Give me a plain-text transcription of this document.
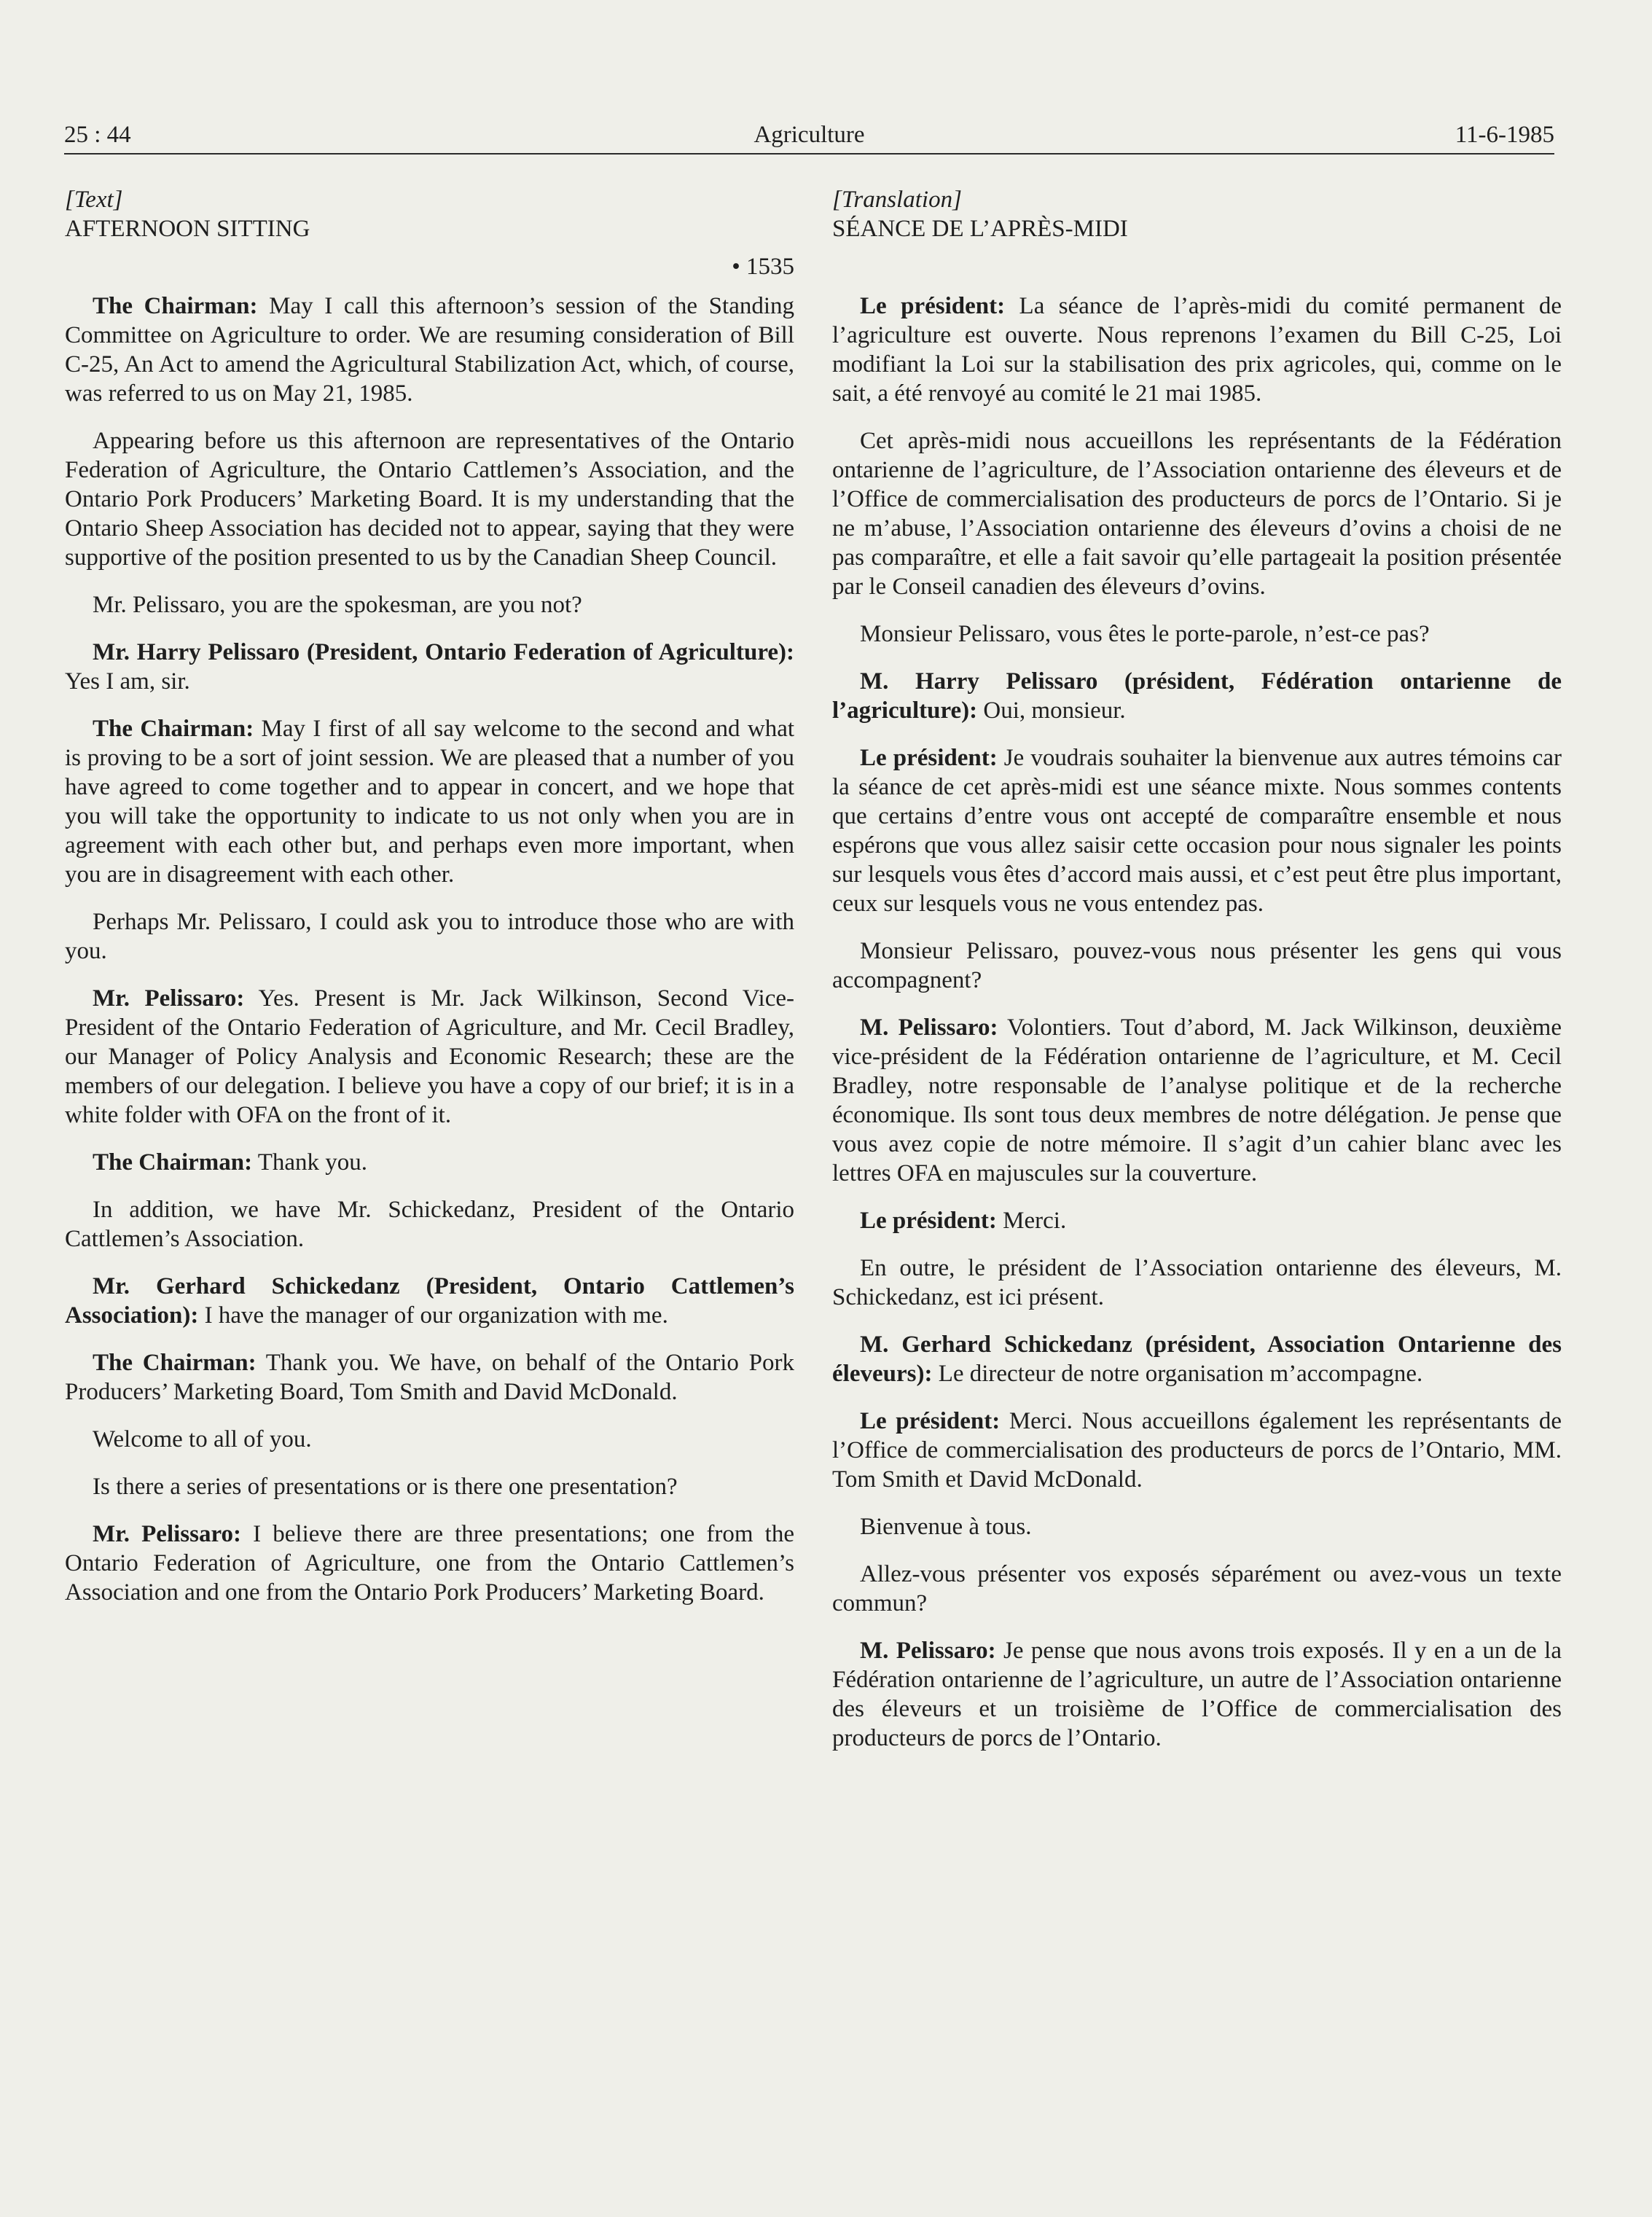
25 : 44	Agriculture	11-6-1985
[Text]
AFTERNOON SITTING
• 1535

The Chairman: May I call this afternoon’s session of the Standing Committee on Agriculture to order. We are resuming consideration of Bill C-25, An Act to amend the Agricultural Stabilization Act, which, of course, was referred to us on May 21, 1985.

Appearing before us this afternoon are representatives of the Ontario Federation of Agriculture, the Ontario Cattlemen’s Association, and the Ontario Pork Producers’ Marketing Board. It is my understanding that the Ontario Sheep Association has decided not to appear, saying that they were supportive of the position presented to us by the Canadian Sheep Council.

Mr. Pelissaro, you are the spokesman, are you not?

Mr. Harry Pelissaro (President, Ontario Federation of Agriculture): Yes I am, sir.

The Chairman: May I first of all say welcome to the second and what is proving to be a sort of joint session. We are pleased that a number of you have agreed to come together and to appear in concert, and we hope that you will take the opportunity to indicate to us not only when you are in agreement with each other but, and perhaps even more important, when you are in disagreement with each other.

Perhaps Mr. Pelissaro, I could ask you to introduce those who are with you.

Mr. Pelissaro: Yes. Present is Mr. Jack Wilkinson, Second Vice-President of the Ontario Federation of Agriculture, and Mr. Cecil Bradley, our Manager of Policy Analysis and Economic Research; these are the members of our delegation. I believe you have a copy of our brief; it is in a white folder with OFA on the front of it.

The Chairman: Thank you.

In addition, we have Mr. Schickedanz, President of the Ontario Cattlemen’s Association.

Mr. Gerhard Schickedanz (President, Ontario Cattlemen’s Association): I have the manager of our organization with me.

The Chairman: Thank you. We have, on behalf of the Ontario Pork Producers’ Marketing Board, Tom Smith and David McDonald.

Welcome to all of you.

Is there a series of presentations or is there one presentation?

Mr. Pelissaro: I believe there are three presentations; one from the Ontario Federation of Agriculture, one from the Ontario Cattlemen’s Association and one from the Ontario Pork Producers’ Marketing Board.

[Translation]
SÉANCE DE L’APRÈS-MIDI

Le président: La séance de l’après-midi du comité permanent de l’agriculture est ouverte. Nous reprenons l’examen du Bill C-25, Loi modifiant la Loi sur la stabilisation des prix agricoles, qui, comme on le sait, a été renvoyé au comité le 21 mai 1985.

Cet après-midi nous accueillons les représentants de la Fédération ontarienne de l’agriculture, de l’Association ontarienne des éleveurs et de l’Office de commercialisation des producteurs de porcs de l’Ontario. Si je ne m’abuse, l’Association ontarienne des éleveurs d’ovins a choisi de ne pas comparaître, et elle a fait savoir qu’elle partageait la position présentée par le Conseil canadien des éleveurs d’ovins.

Monsieur Pelissaro, vous êtes le porte-parole, n’est-ce pas?

M. Harry Pelissaro (président, Fédération ontarienne de l’agriculture): Oui, monsieur.

Le président: Je voudrais souhaiter la bienvenue aux autres témoins car la séance de cet après-midi est une séance mixte. Nous sommes contents que certains d’entre vous ont accepté de comparaître ensemble et nous espérons que vous allez saisir cette occasion pour nous signaler les points sur lesquels vous êtes d’accord mais aussi, et c’est peut être plus important, ceux sur lesquels vous ne vous entendez pas.

Monsieur Pelissaro, pouvez-vous nous présenter les gens qui vous accompagnent?

M. Pelissaro: Volontiers. Tout d’abord, M. Jack Wilkinson, deuxième vice-président de la Fédération ontarienne de l’agriculture, et M. Cecil Bradley, notre responsable de l’analyse politique et de la recherche économique. Ils sont tous deux membres de notre délégation. Je pense que vous avez copie de notre mémoire. Il s’agit d’un cahier blanc avec les lettres OFA en majuscules sur la couverture.

Le président: Merci.

En outre, le président de l’Association ontarienne des éleveurs, M. Schickedanz, est ici présent.

M. Gerhard Schickedanz (président, Association Ontarienne des éleveurs): Le directeur de notre organisation m’accompagne.

Le président: Merci. Nous accueillons également les représentants de l’Office de commercialisation des producteurs de porcs de l’Ontario, MM. Tom Smith et David McDonald.

Bienvenue à tous.

Allez-vous présenter vos exposés séparément ou avez-vous un texte commun?

M. Pelissaro: Je pense que nous avons trois exposés. Il y en a un de la Fédération ontarienne de l’agriculture, un autre de l’Association ontarienne des éleveurs et un troisième de l’Office de commercialisation des producteurs de porcs de l’Ontario.
